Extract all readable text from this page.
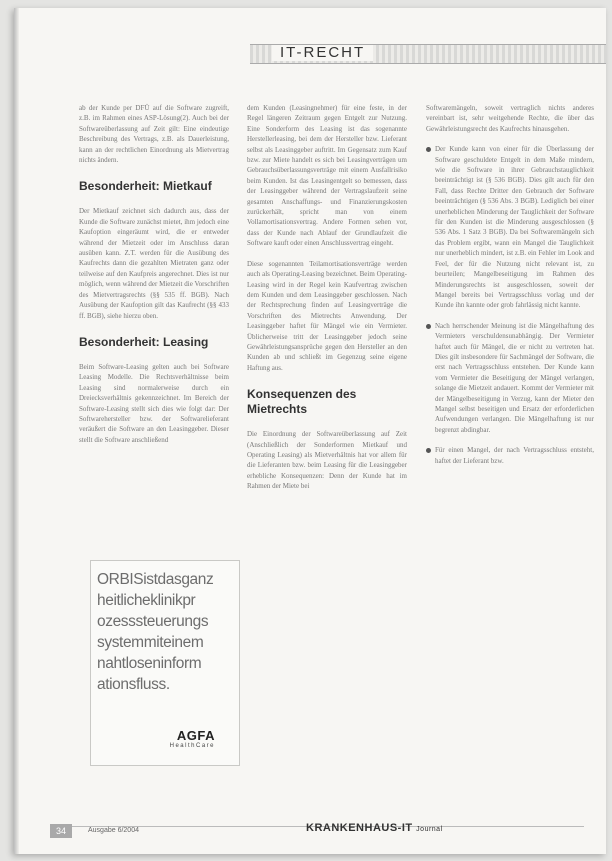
IT-RECHT

ab der Kunde per DFÜ auf die Software zugreift, z.B. im Rahmen eines ASP-Lösung(2). Auch bei der Softwareüberlassung auf Zeit gilt: Eine eindeutige Beschreibung des Vertrags, z.B. als Dauerleistung, kann an der rechtlichen Einordnung als Mietvertrag nichts ändern.

Besonderheit: Mietkauf

Der Mietkauf zeichnet sich dadurch aus, dass der Kunde die Software zunächst mietet, ihm jedoch eine Kaufoption eingeräumt wird, die er entweder während der Mietzeit oder im Anschluss daran ausüben kann. Z.T. werden für die Ausübung des Kaufrechts dann die gezahlten Mietraten ganz oder teilweise auf den Kaufpreis angerechnet. Dies ist nur möglich, wenn während der Mietzeit die Vorschriften des Mietvertragsrechts (§§ 535 ff. BGB). Nach Ausübung der Kaufoption gilt das Kaufrecht (§§ 433 ff. BGB), siehe hierzu oben.

Besonderheit: Leasing

Beim Software-Leasing gelten auch bei Software Leasing Modelle. Die Rechtsverhältnisse beim Leasing sind normalerweise durch ein Dreiecksverhältnis gekennzeichnet. Im Bereich der Software-Leasing stellt sich dies wie folgt dar: Der Softwarehersteller bzw. der Softwarelieferant veräußert die Software an den Leasinggeber. Dieser stellt die Software anschließend

dem Kunden (Leasingnehmer) für eine feste, in der Regel längeren Zeitraum gegen Entgelt zur Nutzung. Eine Sonderform des Leasing ist das sogenannte Herstellerleasing, bei dem der Hersteller bzw. Lieferant selbst als Leasinggeber auftritt. Im Gegensatz zum Kauf bzw. zur Miete handelt es sich bei Leasingverträgen um Gebrauchsüberlassungsverträge mit einem Ausfallrisiko beim Kunden. Ist das Leasingentgelt so bemessen, dass der Leasinggeber während der Vertragslaufzeit seine gesamten Anschaffungs- und Finanzierungskosten zurückerhält, spricht man von einem Vollamortisationsvertrag. Andere Formen sehen vor, dass der Kunde nach Ablauf der Grundlaufzeit die Software kauft oder einen Anschlussvertrag eingeht.

Diese sogenannten Teilamortisationsverträge werden auch als Operating-Leasing bezeichnet. Beim Operating-Leasing wird in der Regel kein Kaufvertrag zwischen dem Kunden und dem Leasinggeber geschlossen. Nach der Rechtsprechung finden auf Leasingverträge die Vorschriften des Mietrechts Anwendung. Der Leasinggeber haftet für Mängel wie ein Vermieter. Üblicherweise tritt der Leasinggeber jedoch seine Gewährleistungsansprüche gegen den Hersteller an den Kunden ab und schließt im Gegenzug seine eigene Haftung aus.

Konsequenzen des Mietrechts

Die Einordnung der Softwareüberlassung auf Zeit (Anschließlich der Sonderformen Mietkauf und Operating Leasing) als Mietverhältnis hat vor allem für die Lieferanten bzw. beim Leasing für die Leasinggeber erhebliche Konsequenzen: Denn der Kunde hat im Rahmen der Miete bei

Softwaremängeln, soweit vertraglich nichts anderes vereinbart ist, sehr weitgehende Rechte, die über das Gewährleistungsrecht des Kaufrechts hinausgehen.

Der Kunde kann von einer für die Überlassung der Software geschuldete Entgelt in dem Maße mindern, wie die Software in ihrer Gebrauchstauglichkeit beeinträchtigt ist (§ 536 BGB). Dies gilt auch für den Fall, dass Rechte Dritter den Gebrauch der Software beeinträchtigen (§ 536 Abs. 3 BGB). Lediglich bei einer unerheblichen Minderung der Tauglichkeit der Software für den Kunden ist die Minderung ausgeschlossen (§ 536 Abs. 1 Satz 3 BGB). Da bei Softwaremängeln sich das Problem ergibt, wann ein Mangel die Tauglichkeit nur unerheblich mindert, ist z.B. ein Fehler im Look and Feel, der für die Nutzung nicht relevant ist, zu beurteilen; Mangelbeseitigung im Rahmen des Minderungsrechts ist ausgeschlossen, soweit der Mangel bereits bei Vertragsschluss vorlag und der Kunde ihn kannte oder grob fahrlässig nicht kannte.

Nach herrschender Meinung ist die Mängelhaftung des Vermieters verschuldensunabhängig. Der Vermieter haftet auch für Mängel, die er nicht zu vertreten hat. Dies gilt insbesondere für Sachmängel der Software, die erst nach Vertragsschluss entstehen. Der Kunde kann vom Vermieter die Beseitigung der Mängel verlangen, solange die Mietzeit andauert. Kommt der Vermieter mit der Mängelbeseitigung in Verzug, kann der Mieter den Mangel selbst beseitigen und Ersatz der erforderlichen Aufwendungen verlangen. Die Mängelhaftung ist nur begrenzt abdingbar.

Für einen Mangel, der nach Vertragsschluss entsteht, haftet der Lieferant bzw.

ORBISistdasganz
heitlicheklinikpr
ozesssteuerungs
systemmiteinem
nahtloseninform
ationsfluss.
AGFA
HealthCare
34	Ausgabe 6/2004	KRANKENHAUS-IT Journal
